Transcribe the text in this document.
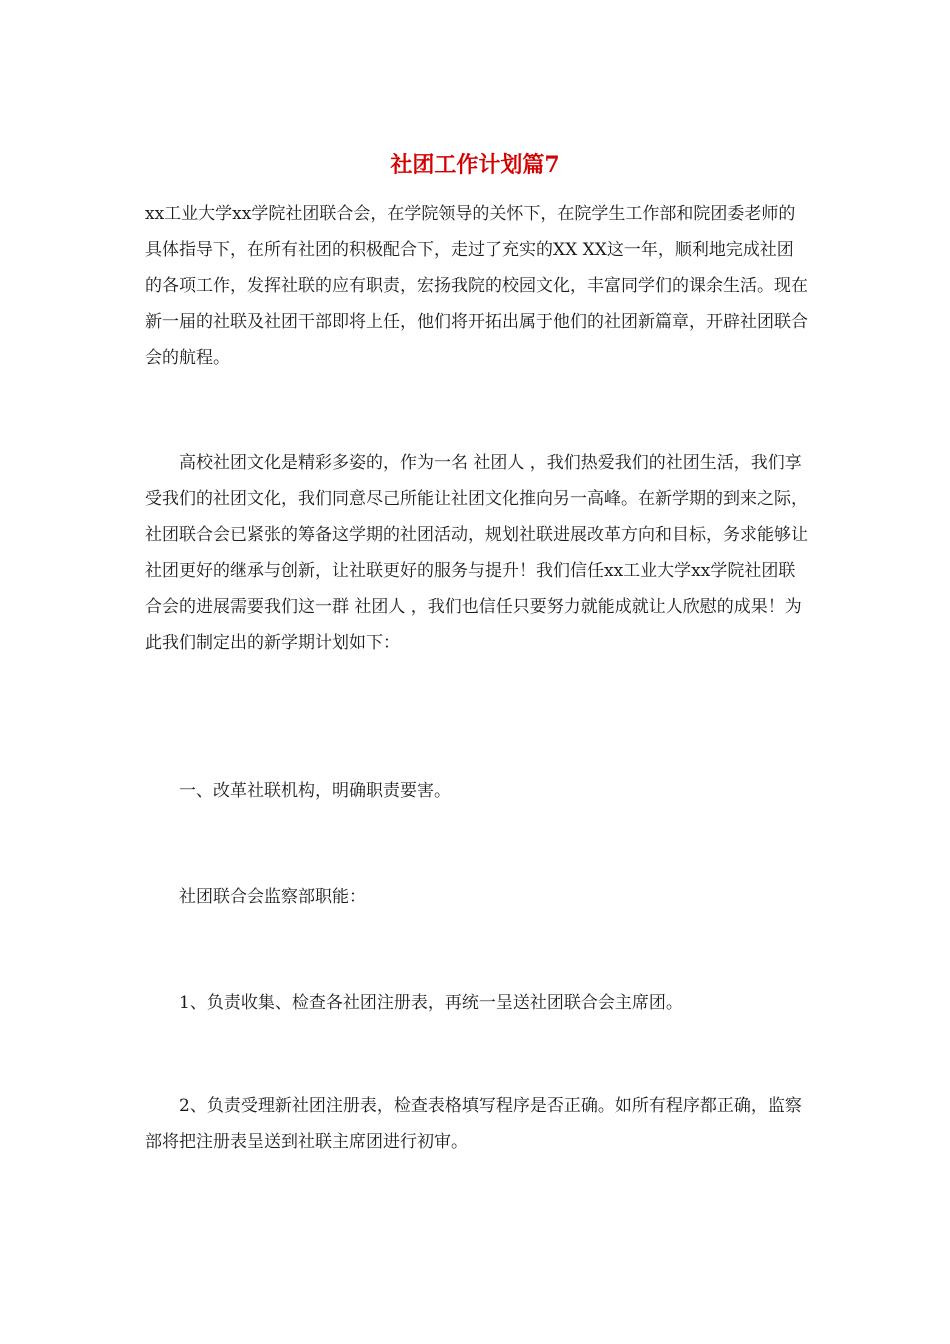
社团工作计划篇7

xx工业大学xx学院社团联合会，在学院领导的关怀下，在院学生工作部和院团委老师的具体指导下，在所有社团的积极配合下，走过了充实的XX XX这一年，顺利地完成社团的各项工作，发挥社联的应有职责，宏扬我院的校园文化，丰富同学们的课余生活。现在新一届的社联及社团干部即将上任，他们将开拓出属于他们的社团新篇章，开辟社团联合会的航程。

高校社团文化是精彩多姿的，作为一名 社团人 ，我们热爱我们的社团生活，我们享受我们的社团文化，我们同意尽己所能让社团文化推向另一高峰。在新学期的到来之际，社团联合会已紧张的筹备这学期的社团活动，规划社联进展改革方向和目标，务求能够让社团更好的继承与创新，让社联更好的服务与提升！我们信任xx工业大学xx学院社团联合会的进展需要我们这一群 社团人 ，我们也信任只要努力就能成就让人欣慰的成果！为此我们制定出的新学期计划如下：

一、改革社联机构，明确职责要害。

社团联合会监察部职能：

1、负责收集、检查各社团注册表，再统一呈送社团联合会主席团。

2、负责受理新社团注册表，检查表格填写程序是否正确。如所有程序都正确，监察部将把注册表呈送到社联主席团进行初审。
